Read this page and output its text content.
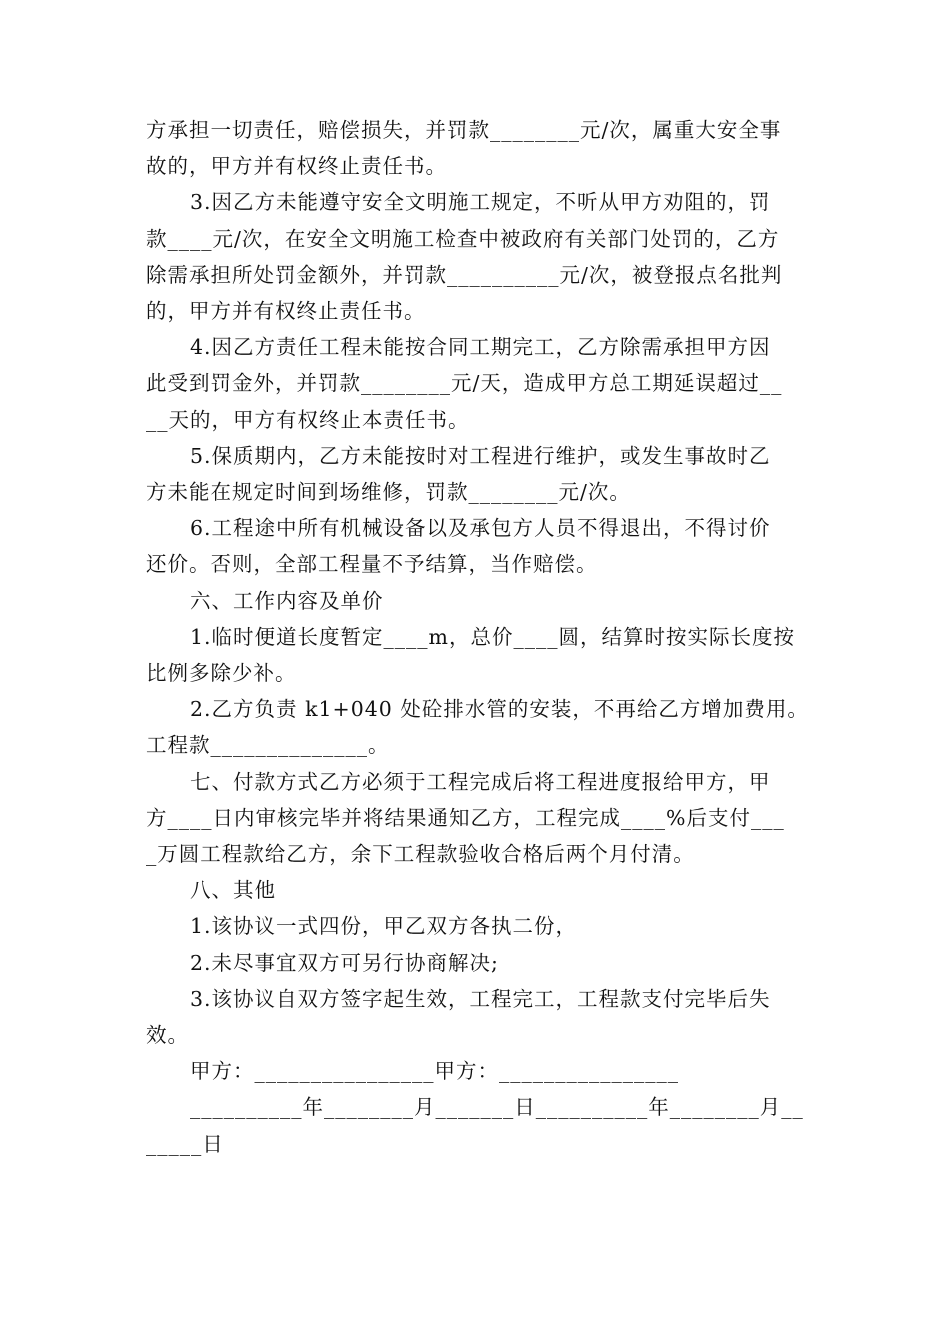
方承担一切责任，赔偿损失，并罚款________元/次，属重大安全事
故的，甲方并有权终止责任书。
3.因乙方未能遵守安全文明施工规定，不听从甲方劝阻的，罚
款____元/次，在安全文明施工检查中被政府有关部门处罚的，乙方
除需承担所处罚金额外，并罚款__________元/次，被登报点名批判
的，甲方并有权终止责任书。
4.因乙方责任工程未能按合同工期完工，乙方除需承担甲方因
此受到罚金外，并罚款________元/天，造成甲方总工期延误超过__
__天的，甲方有权终止本责任书。
5.保质期内，乙方未能按时对工程进行维护，或发生事故时乙
方未能在规定时间到场维修，罚款________元/次。
6.工程途中所有机械设备以及承包方人员不得退出，不得讨价
还价。否则，全部工程量不予结算，当作赔偿。
六、工作内容及单价
1.临时便道长度暂定____m，总价____圆，结算时按实际长度按
比例多除少补。
2.乙方负责 k1+040 处砼排水管的安装，不再给乙方增加费用。
工程款______________。
七、付款方式乙方必须于工程完成后将工程进度报给甲方，甲
方____日内审核完毕并将结果通知乙方，工程完成____%后支付___
_万圆工程款给乙方，余下工程款验收合格后两个月付清。
八、其他
1.该协议一式四份，甲乙双方各执二份，
2.未尽事宜双方可另行协商解决;
3.该协议自双方签字起生效，工程完工，工程款支付完毕后失
效。
甲方：________________甲方：________________
__________年________月_______日__________年________月__
_____日
